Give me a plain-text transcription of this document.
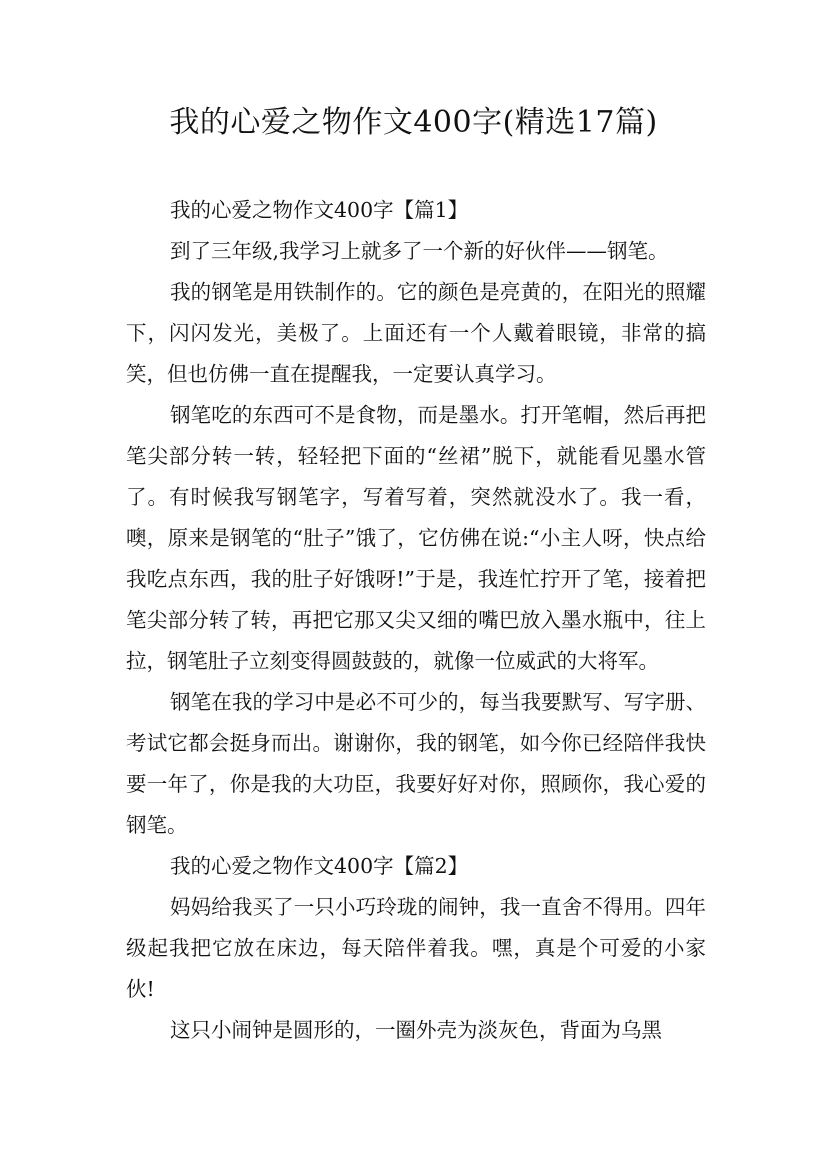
我的心爱之物作文400字(精选17篇)

我的心爱之物作文400字【篇1】

到了三年级,我学习上就多了一个新的好伙伴——钢笔。

我的钢笔是用铁制作的。它的颜色是亮黄的，在阳光的照耀下，闪闪发光，美极了。上面还有一个人戴着眼镜，非常的搞笑，但也仿佛一直在提醒我，一定要认真学习。

钢笔吃的东西可不是食物，而是墨水。打开笔帽，然后再把笔尖部分转一转，轻轻把下面的“丝裙”脱下，就能看见墨水管了。有时候我写钢笔字，写着写着，突然就没水了。我一看，噢，原来是钢笔的“肚子”饿了，它仿佛在说:“小主人呀，快点给我吃点东西，我的肚子好饿呀!”于是，我连忙拧开了笔，接着把笔尖部分转了转，再把它那又尖又细的嘴巴放入墨水瓶中，往上拉，钢笔肚子立刻变得圆鼓鼓的，就像一位威武的大将军。

钢笔在我的学习中是必不可少的，每当我要默写、写字册、考试它都会挺身而出。谢谢你，我的钢笔，如今你已经陪伴我快要一年了，你是我的大功臣，我要好好对你，照顾你，我心爱的钢笔。

我的心爱之物作文400字【篇2】

妈妈给我买了一只小巧玲珑的闹钟，我一直舍不得用。四年级起我把它放在床边，每天陪伴着我。嘿，真是个可爱的小家伙!

这只小闹钟是圆形的，一圈外壳为淡灰色，背面为乌黑
